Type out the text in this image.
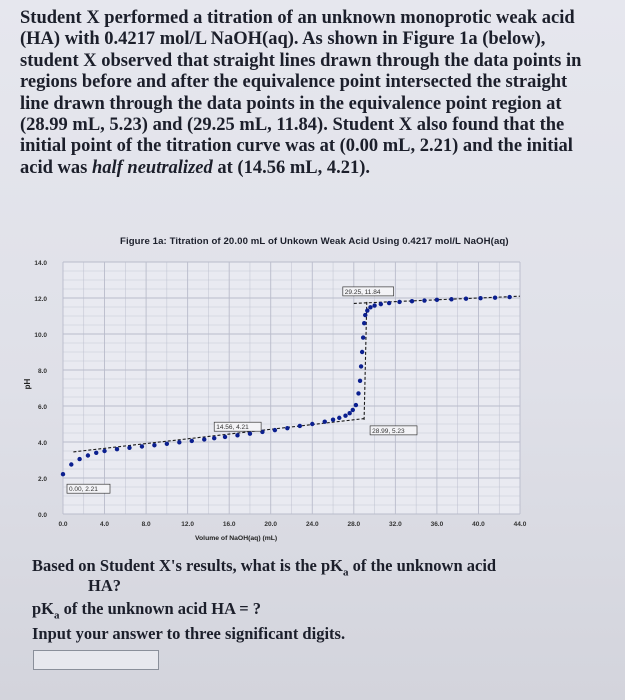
Student X performed a titration of an unknown monoprotic weak acid (HA) with 0.4217 mol/L NaOH(aq). As shown in Figure 1a (below), student X observed that straight lines drawn through the data points in regions before and after the equivalence point intersected the straight line drawn through the data points in the equivalence point region at (28.99 mL, 5.23) and (29.25 mL, 11.84). Student X also found that the initial point of the titration curve was at (0.00 mL, 2.21) and the initial acid was half neutralized at (14.56 mL, 4.21).

Figure 1a: Titration of 20.00 mL of Unkown Weak Acid Using 0.4217 mol/L NaOH(aq)
0.0
2.0
4.0
6.0
8.0
10.0
12.0
14.0
0.0	4.0	8.0	12.0	16.0	20.0	24.0	28.0	32.0	36.0	40.0	44.0
Volume of NaOH(aq) (mL)
pH
0.00, 2.21
14.56, 4.21
28.99, 5.23
29.25, 11.84

Based on Student X's results, what is the $pK_a$ of the unknown acid

HA?

$pK_a$ of the unknown acid HA = ?

Input your answer to three significant digits.
